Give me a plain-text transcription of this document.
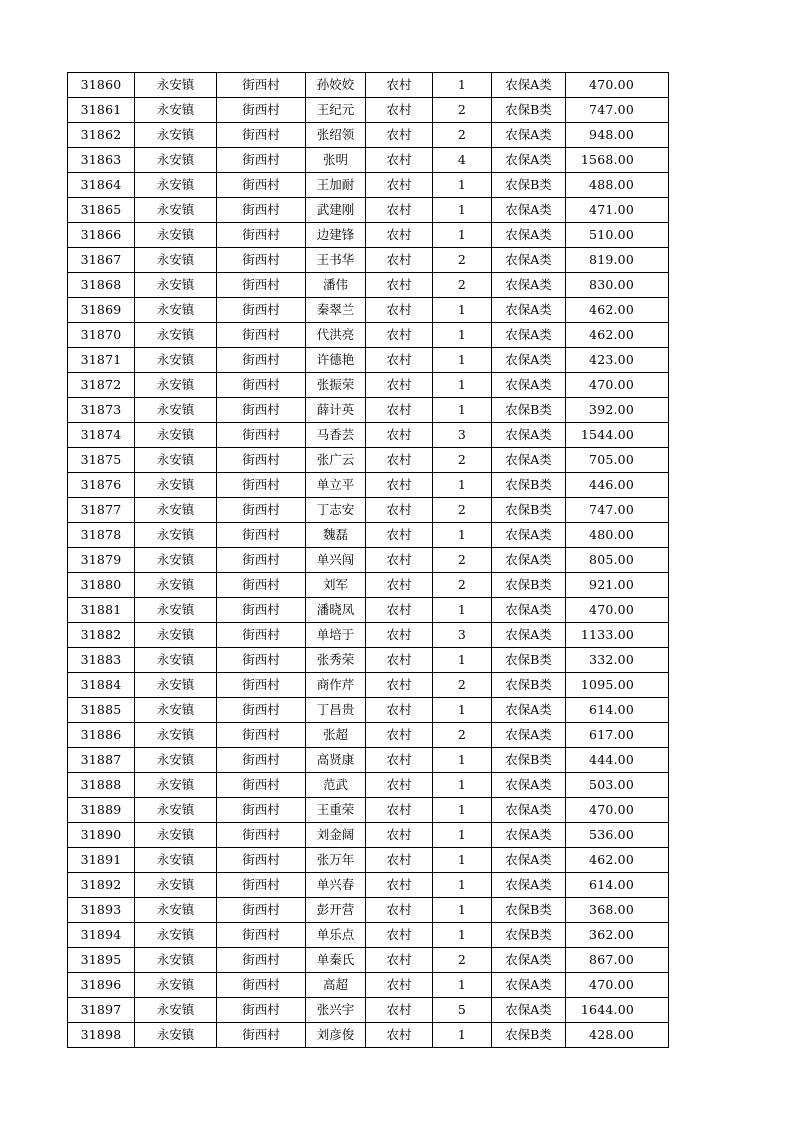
31860	永安镇	街西村	孙姣姣	农村	1	农保A类	470.00
31861	永安镇	街西村	王纪元	农村	2	农保B类	747.00
31862	永安镇	街西村	张绍领	农村	2	农保A类	948.00
31863	永安镇	街西村	张明	农村	4	农保A类	1568.00
31864	永安镇	街西村	王加耐	农村	1	农保B类	488.00
31865	永安镇	街西村	武建刚	农村	1	农保A类	471.00
31866	永安镇	街西村	边建锋	农村	1	农保A类	510.00
31867	永安镇	街西村	王书华	农村	2	农保A类	819.00
31868	永安镇	街西村	潘伟	农村	2	农保A类	830.00
31869	永安镇	街西村	秦翠兰	农村	1	农保A类	462.00
31870	永安镇	街西村	代洪亮	农村	1	农保A类	462.00
31871	永安镇	街西村	许德艳	农村	1	农保A类	423.00
31872	永安镇	街西村	张振荣	农村	1	农保A类	470.00
31873	永安镇	街西村	薛计英	农村	1	农保B类	392.00
31874	永安镇	街西村	马香芸	农村	3	农保A类	1544.00
31875	永安镇	街西村	张广云	农村	2	农保A类	705.00
31876	永安镇	街西村	单立平	农村	1	农保B类	446.00
31877	永安镇	街西村	丁志安	农村	2	农保B类	747.00
31878	永安镇	街西村	魏磊	农村	1	农保A类	480.00
31879	永安镇	街西村	单兴闯	农村	2	农保A类	805.00
31880	永安镇	街西村	刘军	农村	2	农保B类	921.00
31881	永安镇	街西村	潘晓凤	农村	1	农保A类	470.00
31882	永安镇	街西村	单培于	农村	3	农保A类	1133.00
31883	永安镇	街西村	张秀荣	农村	1	农保B类	332.00
31884	永安镇	街西村	商作芹	农村	2	农保B类	1095.00
31885	永安镇	街西村	丁昌贵	农村	1	农保A类	614.00
31886	永安镇	街西村	张超	农村	2	农保A类	617.00
31887	永安镇	街西村	高贤康	农村	1	农保B类	444.00
31888	永安镇	街西村	范武	农村	1	农保A类	503.00
31889	永安镇	街西村	王重荣	农村	1	农保A类	470.00
31890	永安镇	街西村	刘金阔	农村	1	农保A类	536.00
31891	永安镇	街西村	张万年	农村	1	农保A类	462.00
31892	永安镇	街西村	单兴春	农村	1	农保A类	614.00
31893	永安镇	街西村	彭开营	农村	1	农保B类	368.00
31894	永安镇	街西村	单乐点	农村	1	农保B类	362.00
31895	永安镇	街西村	单秦氏	农村	2	农保A类	867.00
31896	永安镇	街西村	高超	农村	1	农保A类	470.00
31897	永安镇	街西村	张兴宇	农村	5	农保A类	1644.00
31898	永安镇	街西村	刘彦俊	农村	1	农保B类	428.00
